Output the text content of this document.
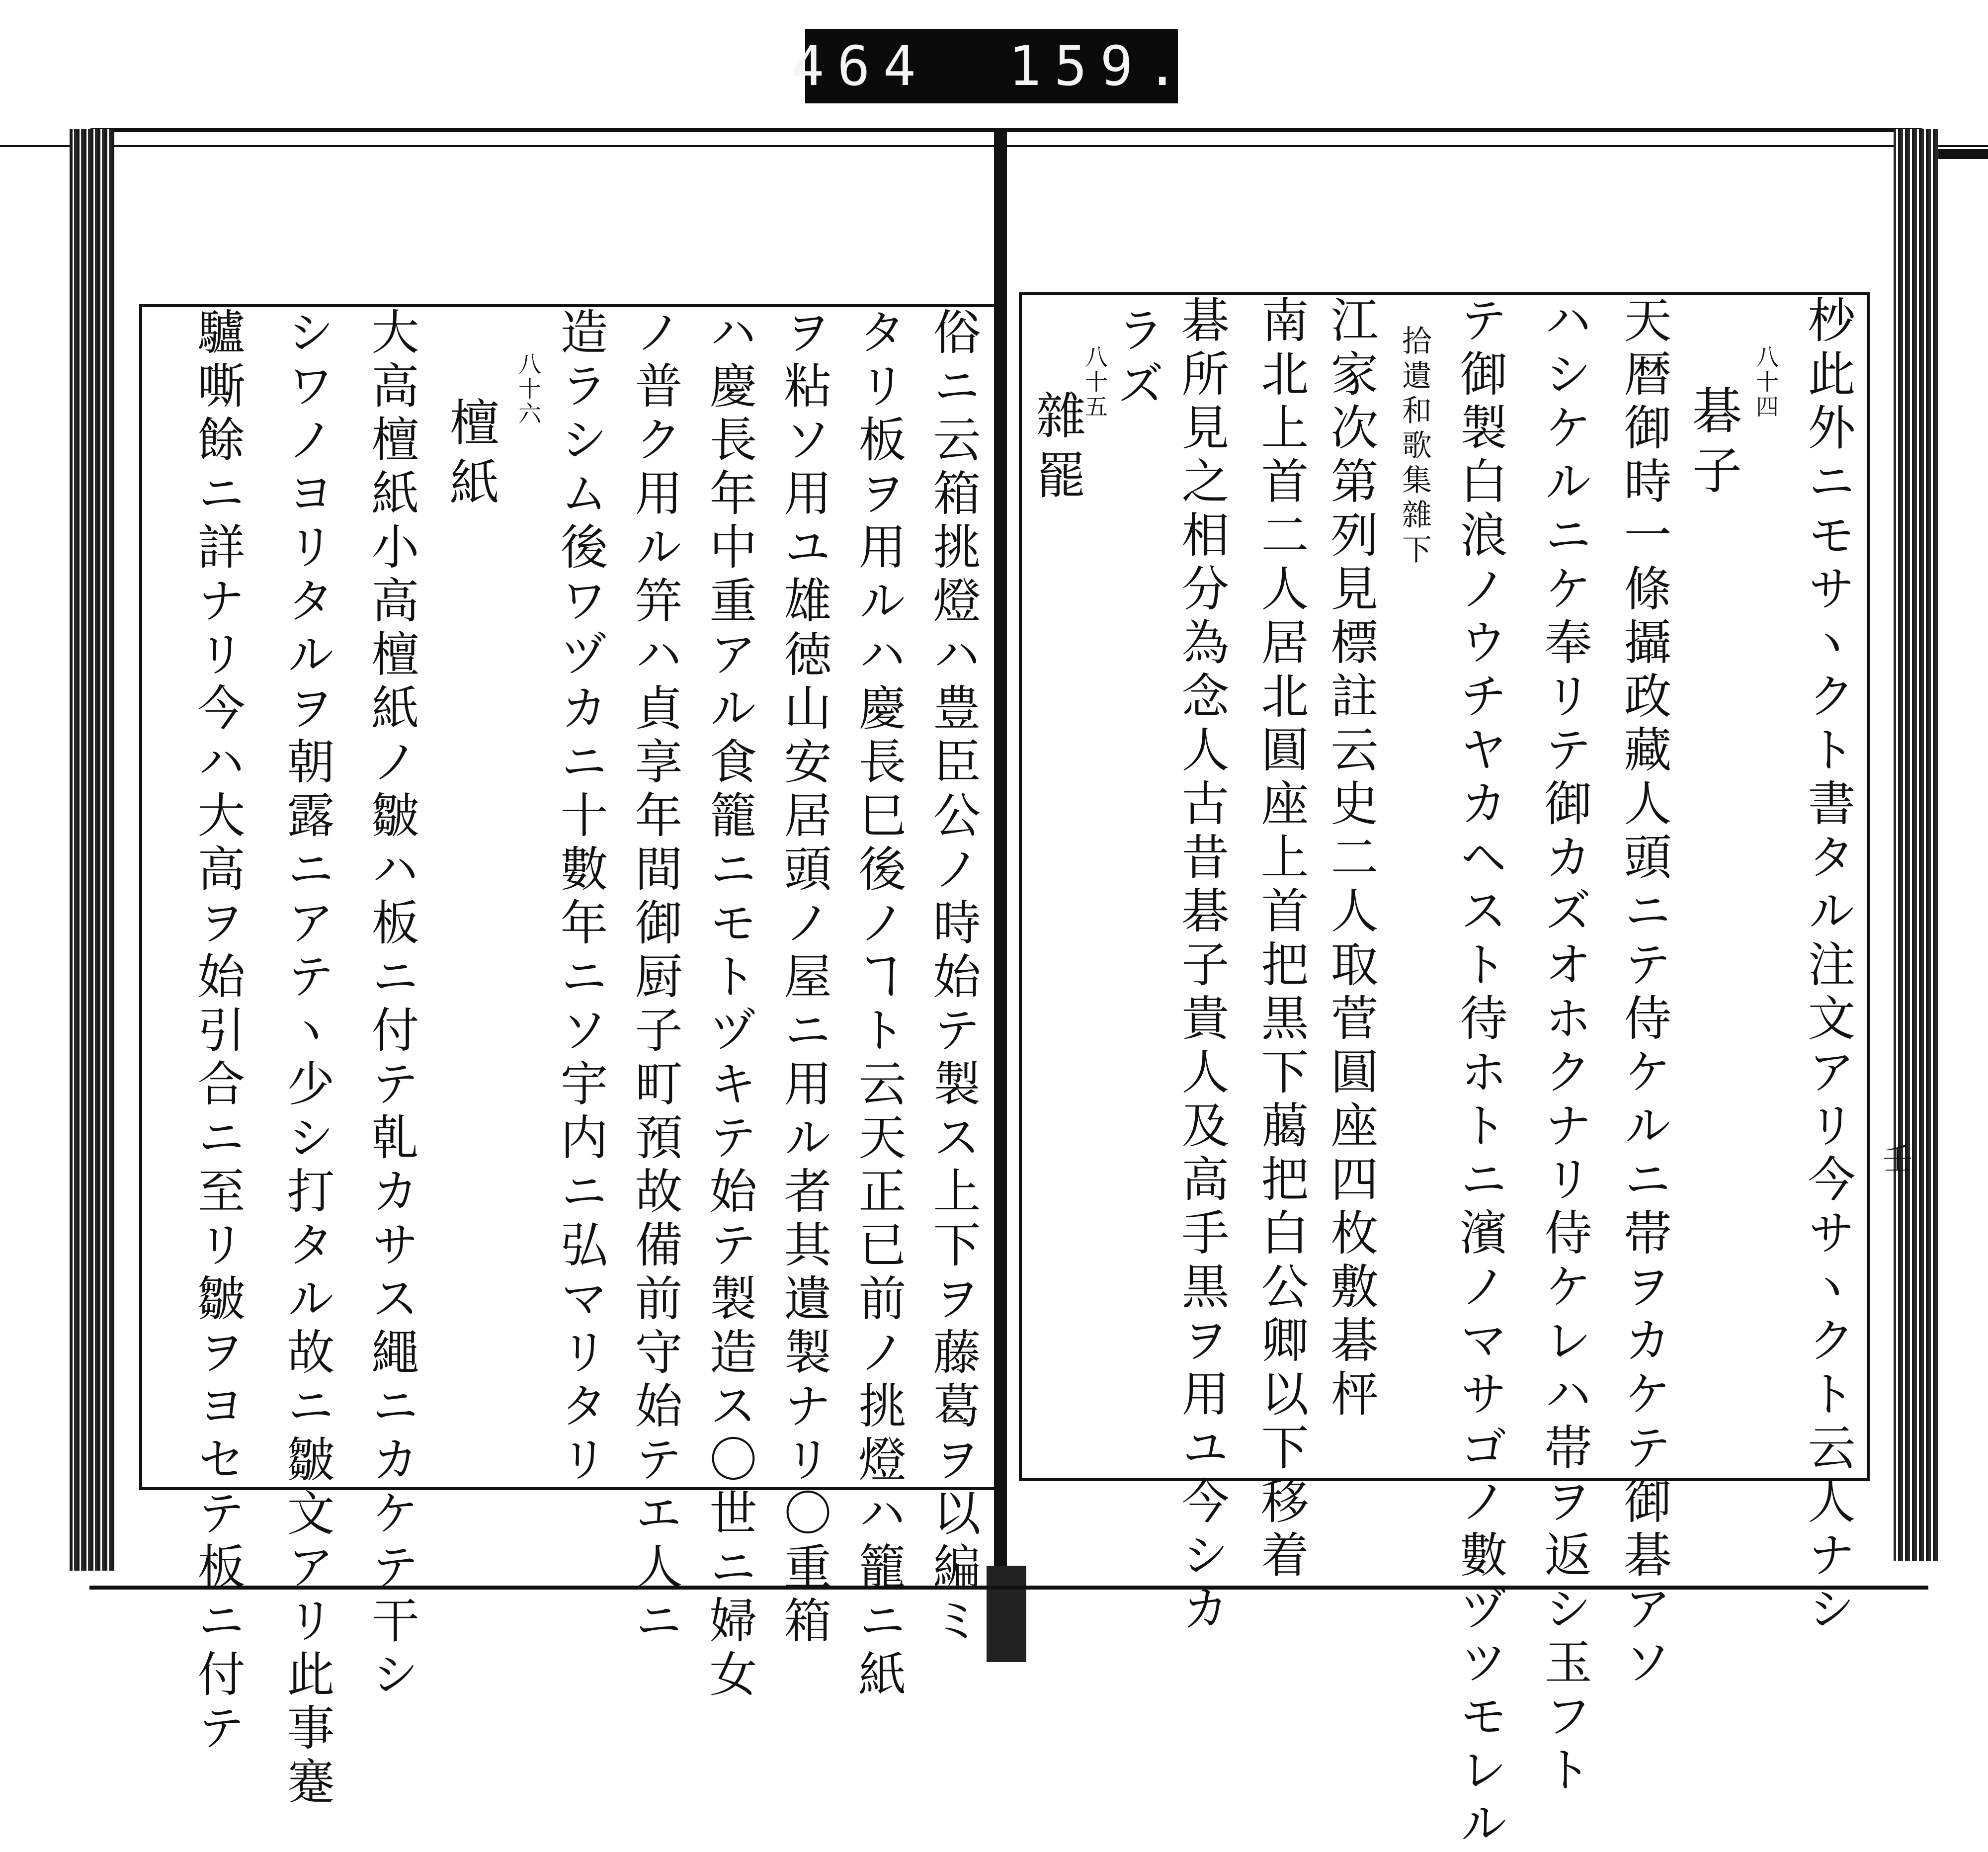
464 159.
俗ニ云箱挑燈ハ豊臣公ノ時始テ製ス上下ヲ藤葛ヲ以編ミ
タリ板ヲ用ルハ慶長巳後ノヿト云天正已前ノ挑燈ハ籠ニ紙
ヲ粘ソ用ユ雄徳山安居頭ノ屋ニ用ル者其遺製ナリ〇重箱
ハ慶長年中重アル食籠ニモトヅキテ始テ製造ス〇世ニ婦女
ノ普ク用ル笄ハ貞享年間御厨子町預故備前守始テエ人ニ
造ラシム後ワヅカニ十數年ニソ宇内ニ弘マリタリ
八十六
檀紙
大高檀紙小高檀紙ノ皺ハ板ニ付テ乹カサス繩ニカケテ干シ
シワノヨリタルヲ朝露ニアテヽ少シ打タル故ニ皺文アリ此事蹇
驢嘶餘ニ詳ナリ今ハ大高ヲ始引合ニ至リ皺ヲヨセテ板ニ付テ	杪此外ニモサヽクト書タル注文アリ今サヽクト云人ナシ
八十四
碁子
天暦御時一條攝政藏人頭ニテ侍ケルニ帯ヲカケテ御碁アソ
ハシケルニケ奉リテ御カズオホクナリ侍ケレハ帯ヲ返シ玉フト
テ御製白浪ノウチヤカヘスト待ホトニ濱ノマサゴノ數ヅツモレル
拾遺和歌集雜下
江家次第列見標註云史二人取菅圓座四枚敷碁枰
南北上首二人居北圓座上首把黒下﨟把白公卿以下移着
碁所見之相分為念人古昔碁子貴人及高手黒ヲ用ユ今シカ
ラズ
八十五
雜罷
壬
